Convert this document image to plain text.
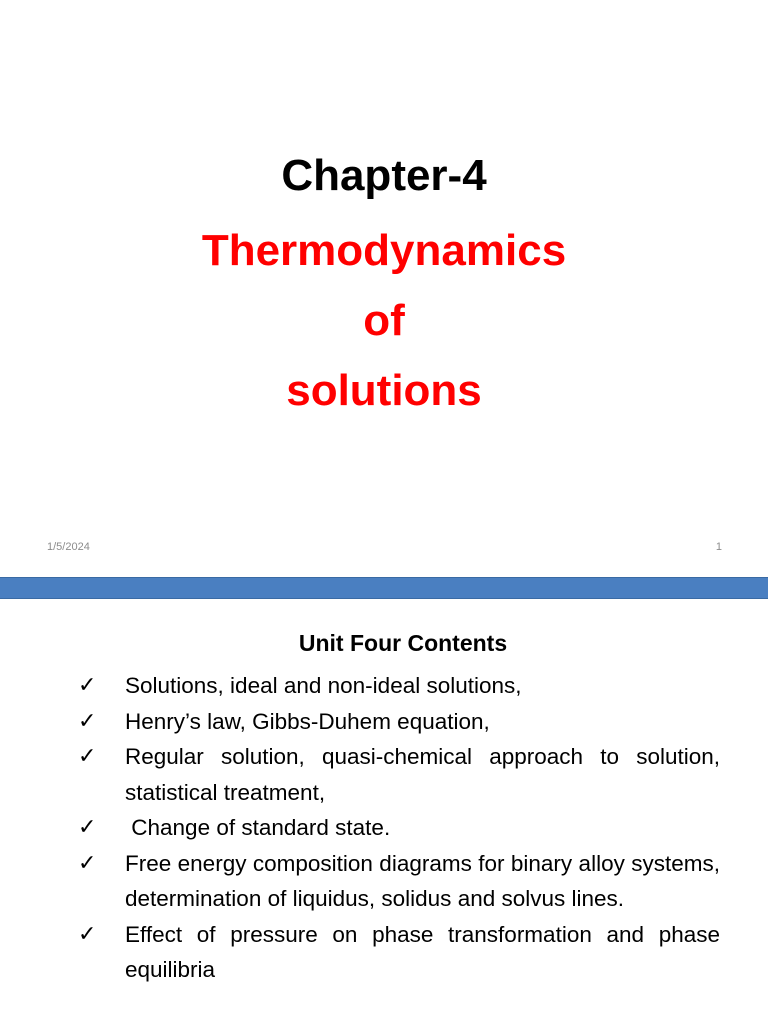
Chapter-4
Thermodynamics
of
solutions
1/5/2024	1
Unit Four Contents
✓ Solutions, ideal and non-ideal solutions,
✓ Henry’s law, Gibbs-Duhem equation,
✓ Regular solution, quasi-chemical approach to solution, statistical treatment,
✓ Change of standard state.
✓ Free energy composition diagrams for binary alloy systems, determination of liquidus, solidus and solvus lines.
✓ Effect of pressure on phase transformation and phase equilibria
